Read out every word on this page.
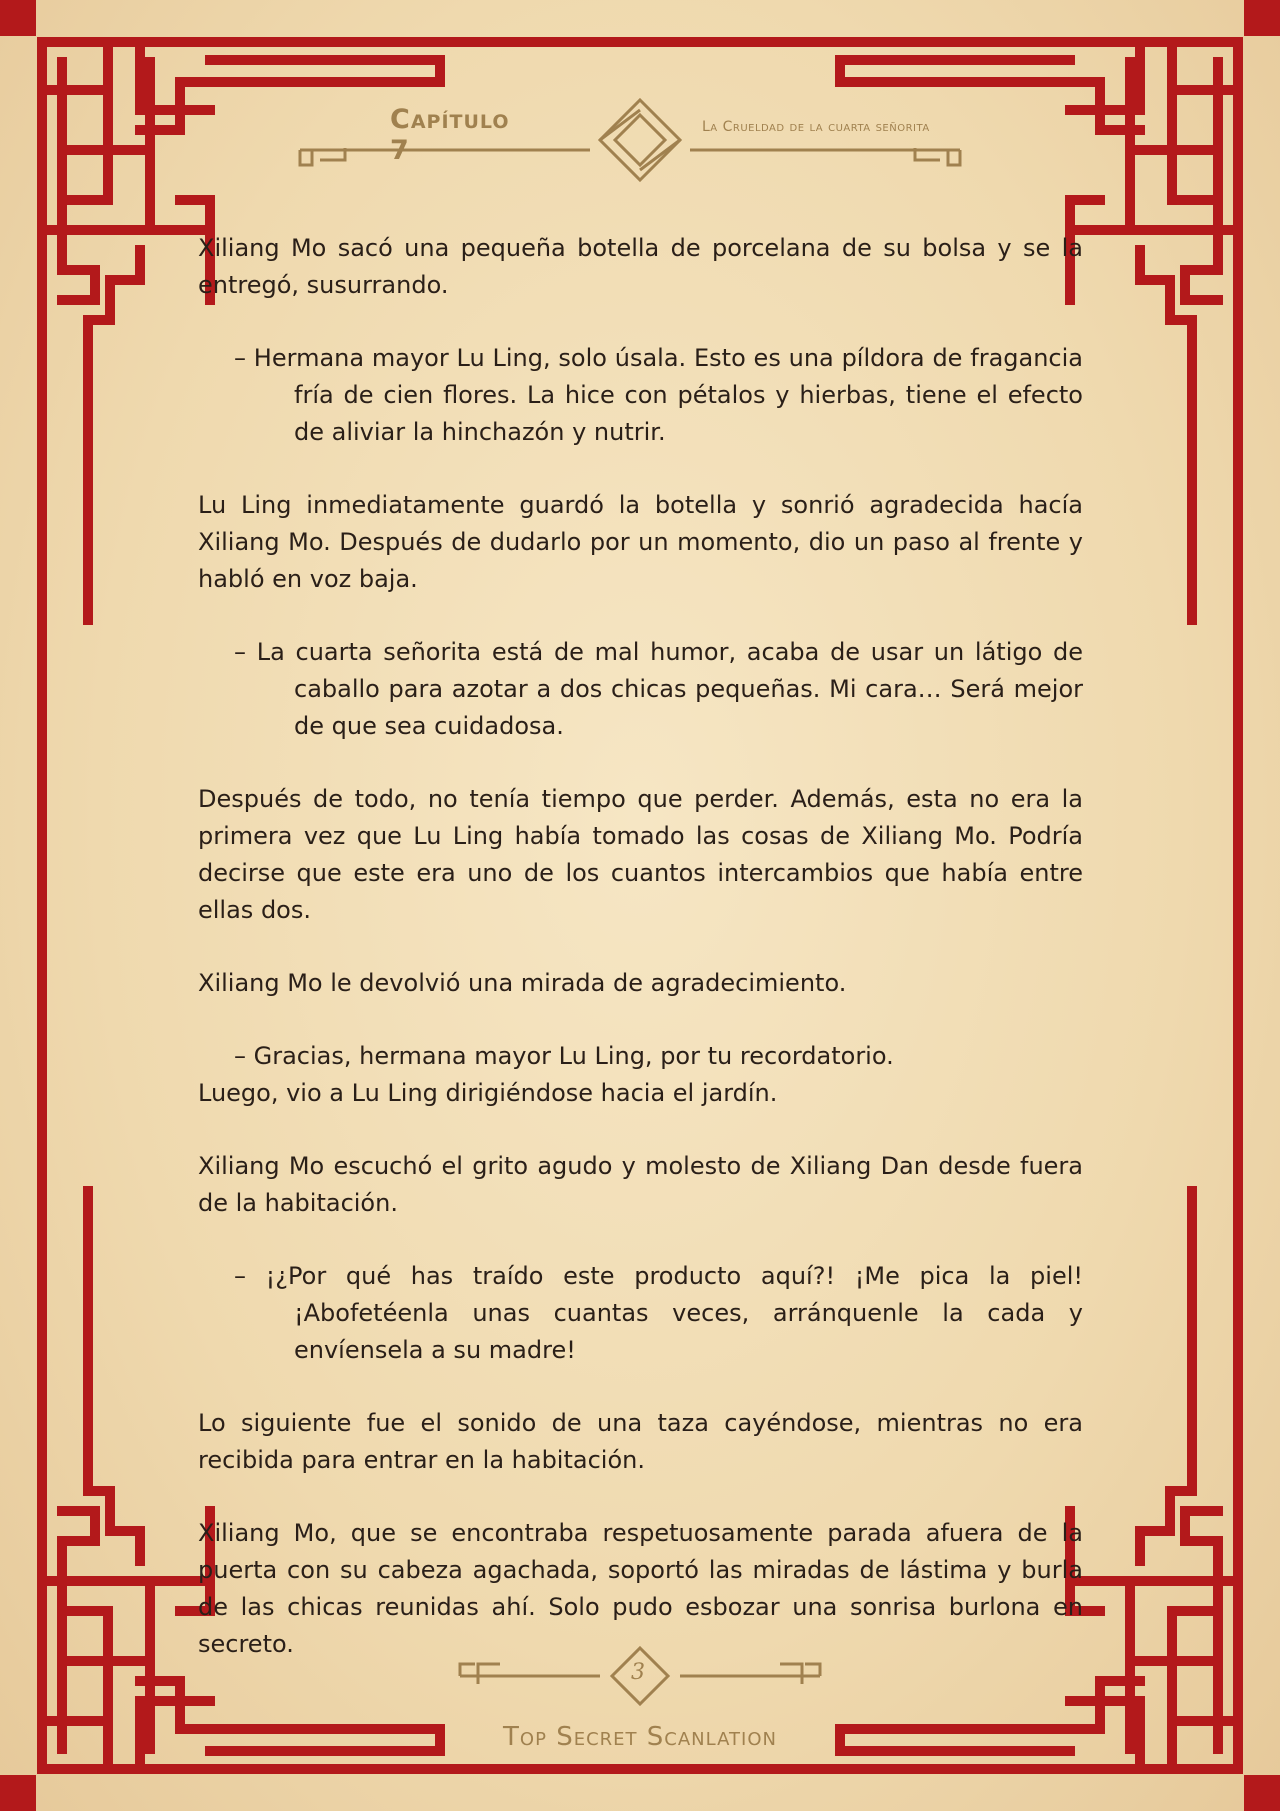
Capítulo 7
La Crueldad de la cuarta señorita

Xiliang Mo sacó una pequeña botella de porcelana de su bolsa y se la entregó, susurrando.

– Hermana mayor Lu Ling, solo úsala. Esto es una píldora de fragancia fría de cien flores. La hice con pétalos y hierbas, tiene el efecto de aliviar la hinchazón y nutrir.

Lu Ling inmediatamente guardó la botella y sonrió agradecida hacía Xiliang Mo. Después de dudarlo por un momento, dio un paso al frente y habló en voz baja.

– La cuarta señorita está de mal humor, acaba de usar un látigo de caballo para azotar a dos chicas pequeñas. Mi cara… Será mejor de que sea cuidadosa.

Después de todo, no tenía tiempo que perder. Además, esta no era la primera vez que Lu Ling había tomado las cosas de Xiliang Mo. Podría decirse que este era uno de los cuantos intercambios que había entre ellas dos.

Xiliang Mo le devolvió una mirada de agradecimiento.

– Gracias, hermana mayor Lu Ling, por tu recordatorio.

Luego, vio a Lu Ling dirigiéndose hacia el jardín.

Xiliang Mo escuchó el grito agudo y molesto de Xiliang Dan desde fuera de la habitación.

– ¡¿Por qué has traído este producto aquí?! ¡Me pica la piel! ¡Abofetéenla unas cuantas veces, arránquenle la cada y envíensela a su madre!

Lo siguiente fue el sonido de una taza cayéndose, mientras no era recibida para entrar en la habitación.

Xiliang Mo, que se encontraba respetuosamente parada afuera de la puerta con su cabeza agachada, soportó las miradas de lástima y burla de las chicas reunidas ahí. Solo pudo esbozar una sonrisa burlona en secreto.

3
Top Secret Scanlation
